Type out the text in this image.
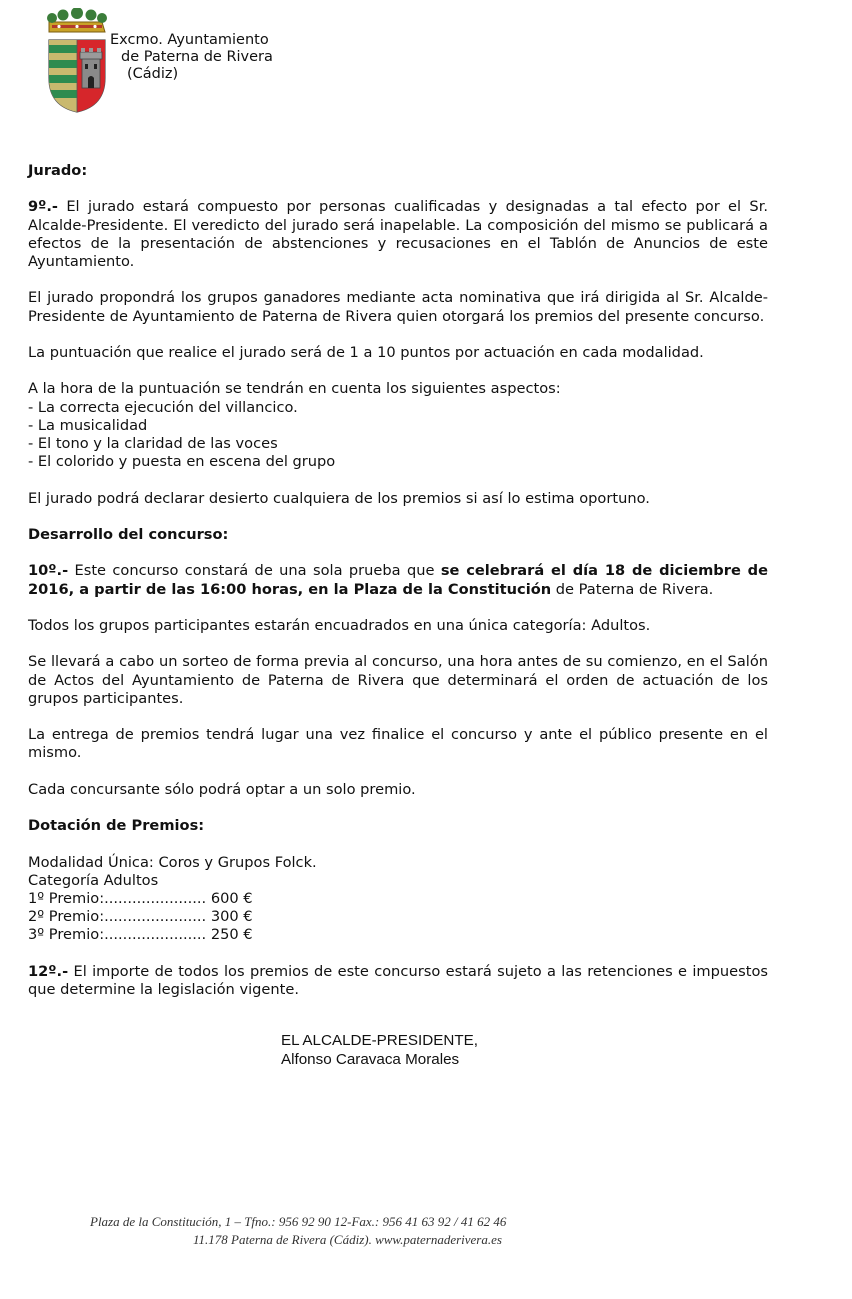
Excmo. Ayuntamiento
de Paterna de Rivera
(Cádiz)

Jurado:

9º.- El jurado estará compuesto por personas cualificadas y designadas a tal efecto por el Sr. Alcalde-Presidente. El veredicto del jurado será inapelable. La composición del mismo se publicará a efectos de la presentación de abstenciones y recusaciones en el Tablón de Anuncios de este Ayuntamiento.

El jurado propondrá los grupos ganadores mediante acta nominativa que irá dirigida al Sr. Alcalde-Presidente de Ayuntamiento de Paterna de Rivera quien otorgará los premios del presente concurso.

La puntuación que realice el jurado será de 1 a 10 puntos por actuación en cada modalidad.

A la hora de la puntuación se tendrán en cuenta los siguientes aspectos:

- La correcta ejecución del villancico.

- La musicalidad

- El tono y la claridad de las voces

- El colorido y puesta en escena del grupo

El jurado podrá declarar desierto cualquiera de los premios si así lo estima oportuno.

Desarrollo del concurso:

10º.- Este concurso constará de una sola prueba que se celebrará el día 18 de diciembre de 2016, a partir de las 16:00 horas, en la Plaza de la Constitución de Paterna de Rivera.

Todos los grupos participantes estarán encuadrados en una única categoría: Adultos.

Se llevará a cabo un sorteo de forma previa al concurso, una hora antes de su comienzo, en el Salón de Actos del Ayuntamiento de Paterna de Rivera que determinará el orden de actuación de los grupos participantes.

La entrega de premios tendrá lugar una vez finalice el concurso y ante el público presente en el mismo.

Cada concursante sólo podrá optar a un solo premio.

Dotación de Premios:

Modalidad Única: Coros y Grupos Folck.

Categoría Adultos

1º Premio:...................... 600 €

2º Premio:...................... 300 €

3º Premio:...................... 250 €

12º.- El importe de todos los premios de este concurso estará sujeto a las retenciones e impuestos que determine la legislación vigente.

EL ALCALDE-PRESIDENTE,
Alfonso Caravaca Morales
Plaza de la Constitución, 1 – Tfno.: 956 92 90 12-Fax.: 956 41 63 92 / 41 62 46
11.178 Paterna de Rivera (Cádiz). www.paternaderivera.es
